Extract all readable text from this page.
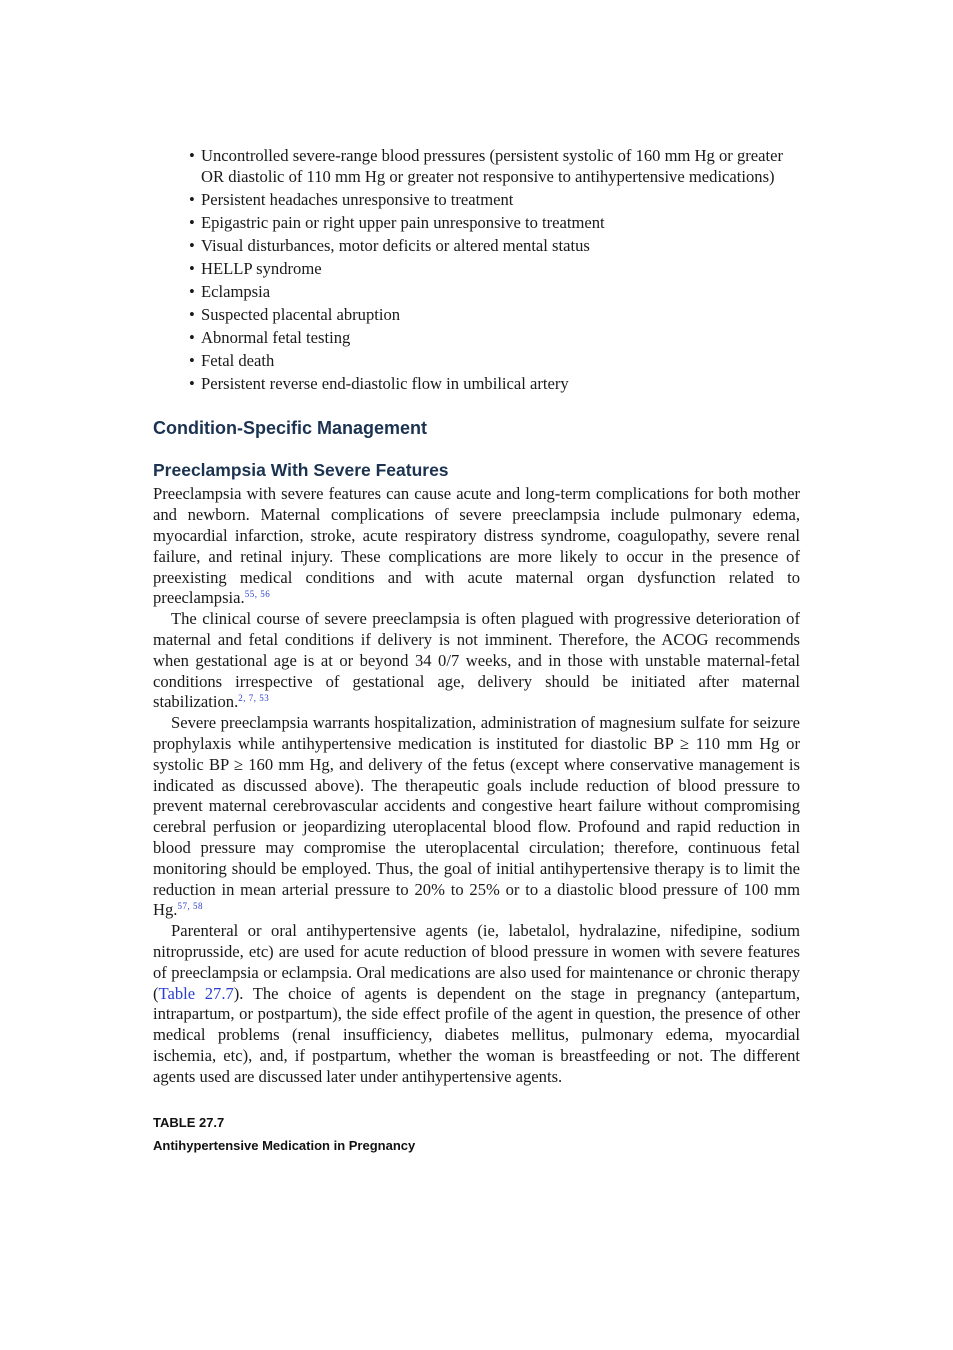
• Uncontrolled severe-range blood pressures (persistent systolic of 160 mm Hg or greater OR diastolic of 110 mm Hg or greater not responsive to antihypertensive medications)
• Persistent headaches unresponsive to treatment
• Epigastric pain or right upper pain unresponsive to treatment
• Visual disturbances, motor deficits or altered mental status
• HELLP syndrome
• Eclampsia
• Suspected placental abruption
• Abnormal fetal testing
• Fetal death
• Persistent reverse end-diastolic flow in umbilical artery
Condition-Specific Management
Preeclampsia With Severe Features

Preeclampsia with severe features can cause acute and long-term complications for both mother and newborn. Maternal complications of severe preeclampsia include pulmonary edema, myocardial infarction, stroke, acute respiratory distress syndrome, coagulopathy, severe renal failure, and retinal injury. These complications are more likely to occur in the presence of preexisting medical conditions and with acute maternal organ dysfunction related to preeclampsia.$^{55, 56}$

The clinical course of severe preeclampsia is often plagued with progressive deterioration of maternal and fetal conditions if delivery is not imminent. Therefore, the ACOG recommends when gestational age is at or beyond 34 0/7 weeks, and in those with unstable maternal-fetal conditions irrespective of gestational age, delivery should be initiated after maternal stabilization.$^{2, 7, 53}$

Severe preeclampsia warrants hospitalization, administration of magnesium sulfate for seizure prophylaxis while antihypertensive medication is instituted for diastolic BP ≥ 110 mm Hg or systolic BP ≥ 160 mm Hg, and delivery of the fetus (except where conservative management is indicated as discussed above). The therapeutic goals include reduction of blood pressure to prevent maternal cerebrovascular accidents and congestive heart failure without compromising cerebral perfusion or jeopardizing uteroplacental blood flow. Profound and rapid reduction in blood pressure may compromise the uteroplacental circulation; therefore, continuous fetal monitoring should be employed. Thus, the goal of initial antihypertensive therapy is to limit the reduction in mean arterial pressure to 20% to 25% or to a diastolic blood pressure of 100 mm Hg.$^{57, 58}$

Parenteral or oral antihypertensive agents (ie, labetalol, hydralazine, nifedipine, sodium nitroprusside, etc) are used for acute reduction of blood pressure in women with severe features of preeclampsia or eclampsia. Oral medications are also used for maintenance or chronic therapy (Table 27.7). The choice of agents is dependent on the stage in pregnancy (antepartum, intrapartum, or postpartum), the side effect profile of the agent in question, the presence of other medical problems (renal insufficiency, diabetes mellitus, pulmonary edema, myocardial ischemia, etc), and, if postpartum, whether the woman is breastfeeding or not. The different agents used are discussed later under antihypertensive agents.

TABLE 27.7
Antihypertensive Medication in Pregnancy
